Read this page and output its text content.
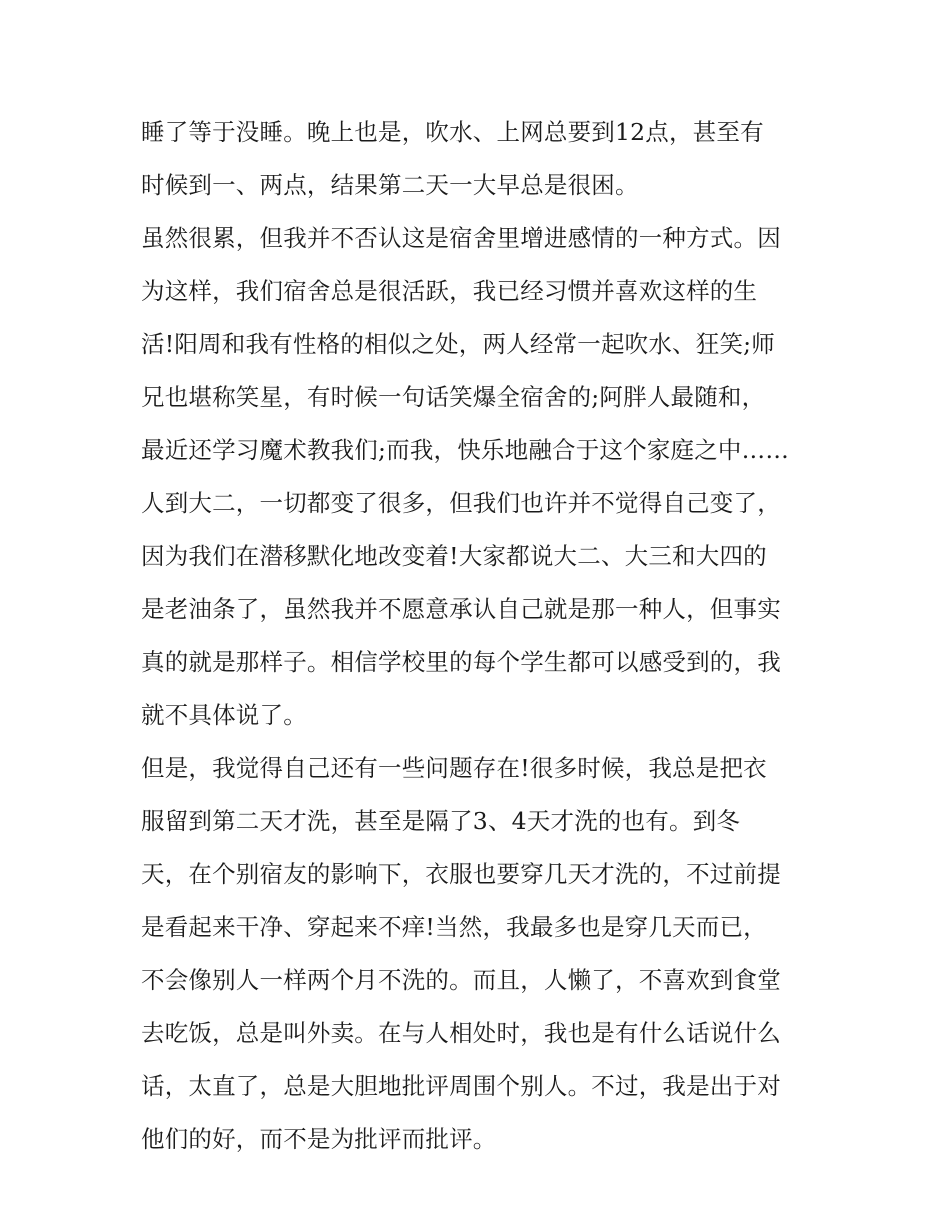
睡了等于没睡。晚上也是，吹水、上网总要到12点，甚至有
时候到一、两点，结果第二天一大早总是很困。
虽然很累，但我并不否认这是宿舍里增进感情的一种方式。因
为这样，我们宿舍总是很活跃，我已经习惯并喜欢这样的生
活!阳周和我有性格的相似之处，两人经常一起吹水、狂笑;师
兄也堪称笑星，有时候一句话笑爆全宿舍的;阿胖人最随和，
最近还学习魔术教我们;而我，快乐地融合于这个家庭之中……
人到大二，一切都变了很多，但我们也许并不觉得自己变了，
因为我们在潜移默化地改变着!大家都说大二、大三和大四的
是老油条了，虽然我并不愿意承认自己就是那一种人，但事实
真的就是那样子。相信学校里的每个学生都可以感受到的，我
就不具体说了。
但是，我觉得自己还有一些问题存在!很多时候，我总是把衣
服留到第二天才洗，甚至是隔了3、4天才洗的也有。到冬
天，在个别宿友的影响下，衣服也要穿几天才洗的，不过前提
是看起来干净、穿起来不痒!当然，我最多也是穿几天而已，
不会像别人一样两个月不洗的。而且，人懒了，不喜欢到食堂
去吃饭，总是叫外卖。在与人相处时，我也是有什么话说什么
话，太直了，总是大胆地批评周围个别人。不过，我是出于对
他们的好，而不是为批评而批评。
